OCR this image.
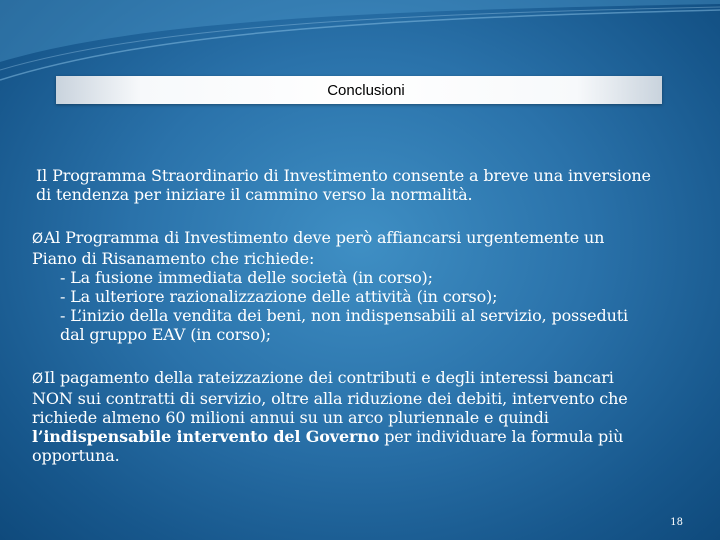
Conclusioni

Il Programma Straordinario di Investimento consente a breve una inversione di tendenza per iniziare il cammino verso la normalità.

ØAl Programma di Investimento deve però affiancarsi urgentemente un Piano di Risanamento che richiede:

- La fusione immediata delle società (in corso);

- La ulteriore razionalizzazione delle attività (in corso);

- L’inizio della vendita dei beni, non indispensabili al servizio, posseduti dal gruppo EAV (in corso);

ØIl pagamento della rateizzazione dei contributi e degli interessi bancari NON sui contratti di servizio, oltre alla riduzione dei debiti, intervento che richiede almeno 60 milioni annui su un arco pluriennale e quindi l’indispensabile intervento del Governo per individuare la formula più opportuna.

18
